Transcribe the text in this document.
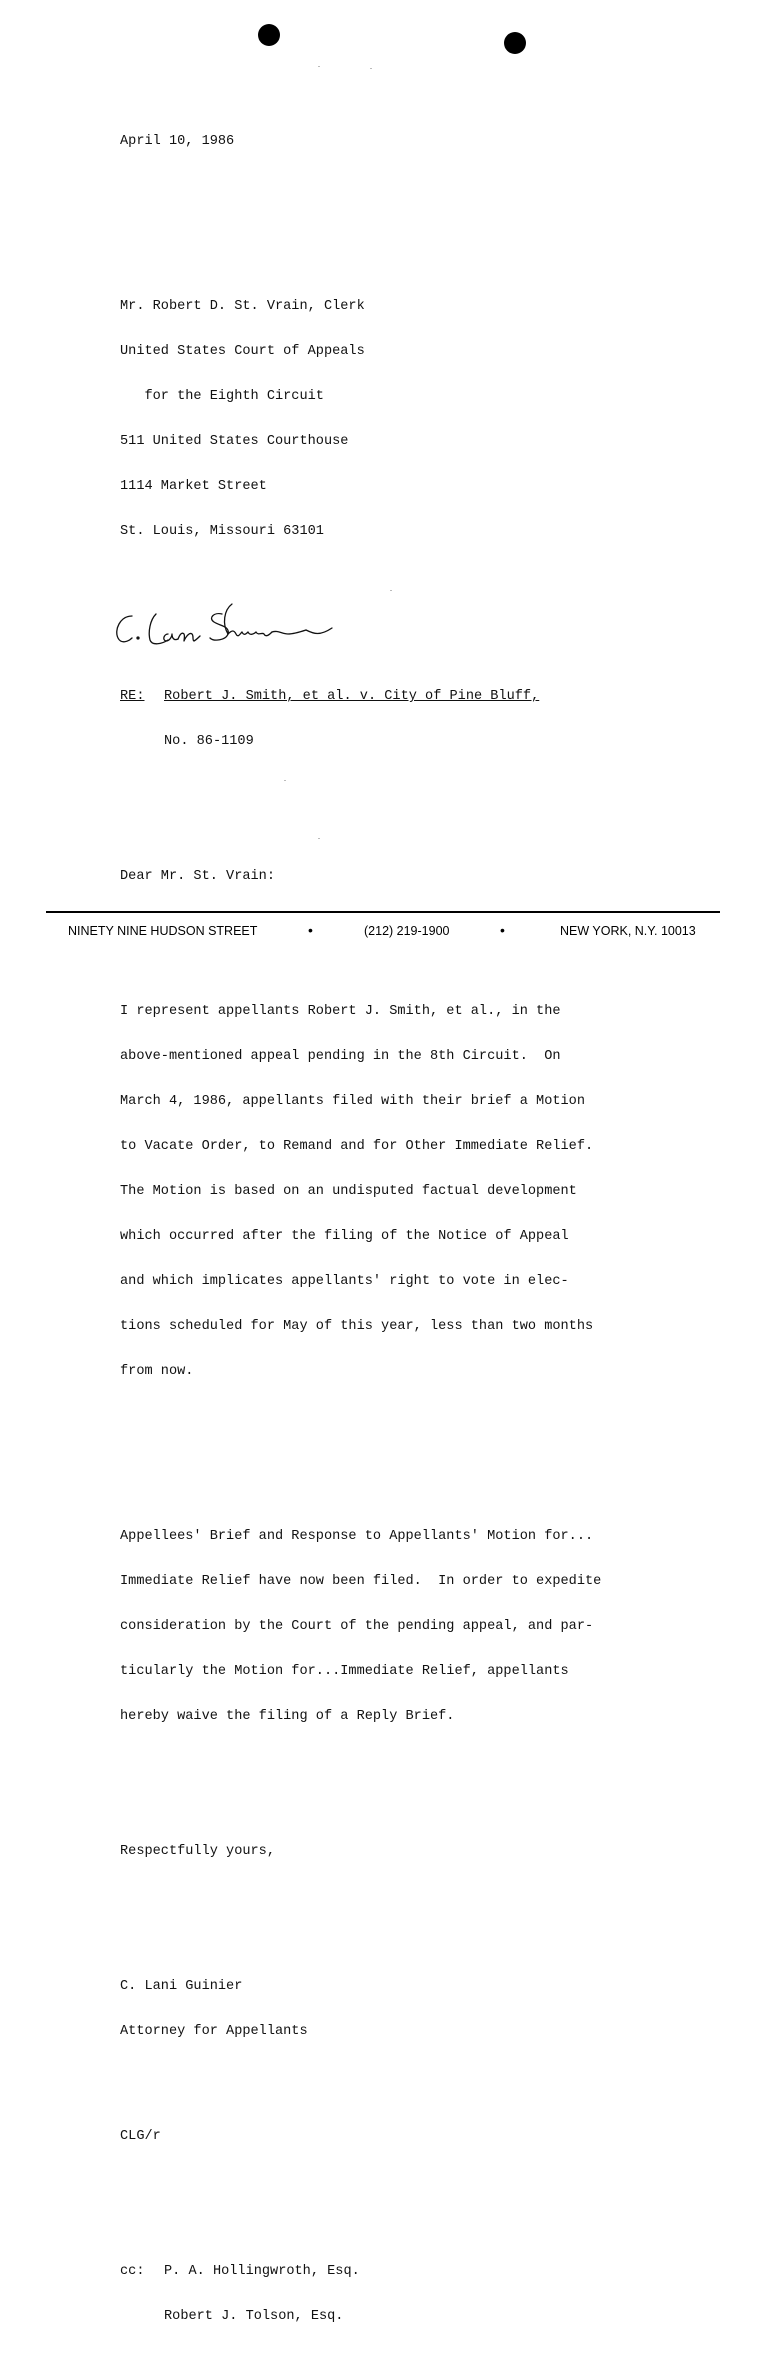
April 10, 1986

Mr. Robert D. St. Vrain, Clerk

United States Court of Appeals

for the Eighth Circuit

511 United States Courthouse

1114 Market Street

St. Louis, Missouri 63101

RE: Robert J. Smith, et al. v. City of Pine Bluff,

No. 86-1109

Dear Mr. St. Vrain:

I represent appellants Robert J. Smith, et al., in the

above-mentioned appeal pending in the 8th Circuit.  On

March 4, 1986, appellants filed with their brief a Motion

to Vacate Order, to Remand and for Other Immediate Relief.

The Motion is based on an undisputed factual development

which occurred after the filing of the Notice of Appeal

and which implicates appellants' right to vote in elec-

tions scheduled for May of this year, less than two months

from now.

Appellees' Brief and Response to Appellants' Motion for...

Immediate Relief have now been filed.  In order to expedite

consideration by the Court of the pending appeal, and par-

ticularly the Motion for...Immediate Relief, appellants

hereby waive the filing of a Reply Brief.

Respectfully yours,

C. Lani Guinier

Attorney for Appellants

CLG/r

cc: P. A. Hollingwroth, Esq.

Robert J. Tolson, Esq.

NINETY NINE HUDSON STREET	•	(212) 219-1900	•	NEW YORK, N.Y. 10013
